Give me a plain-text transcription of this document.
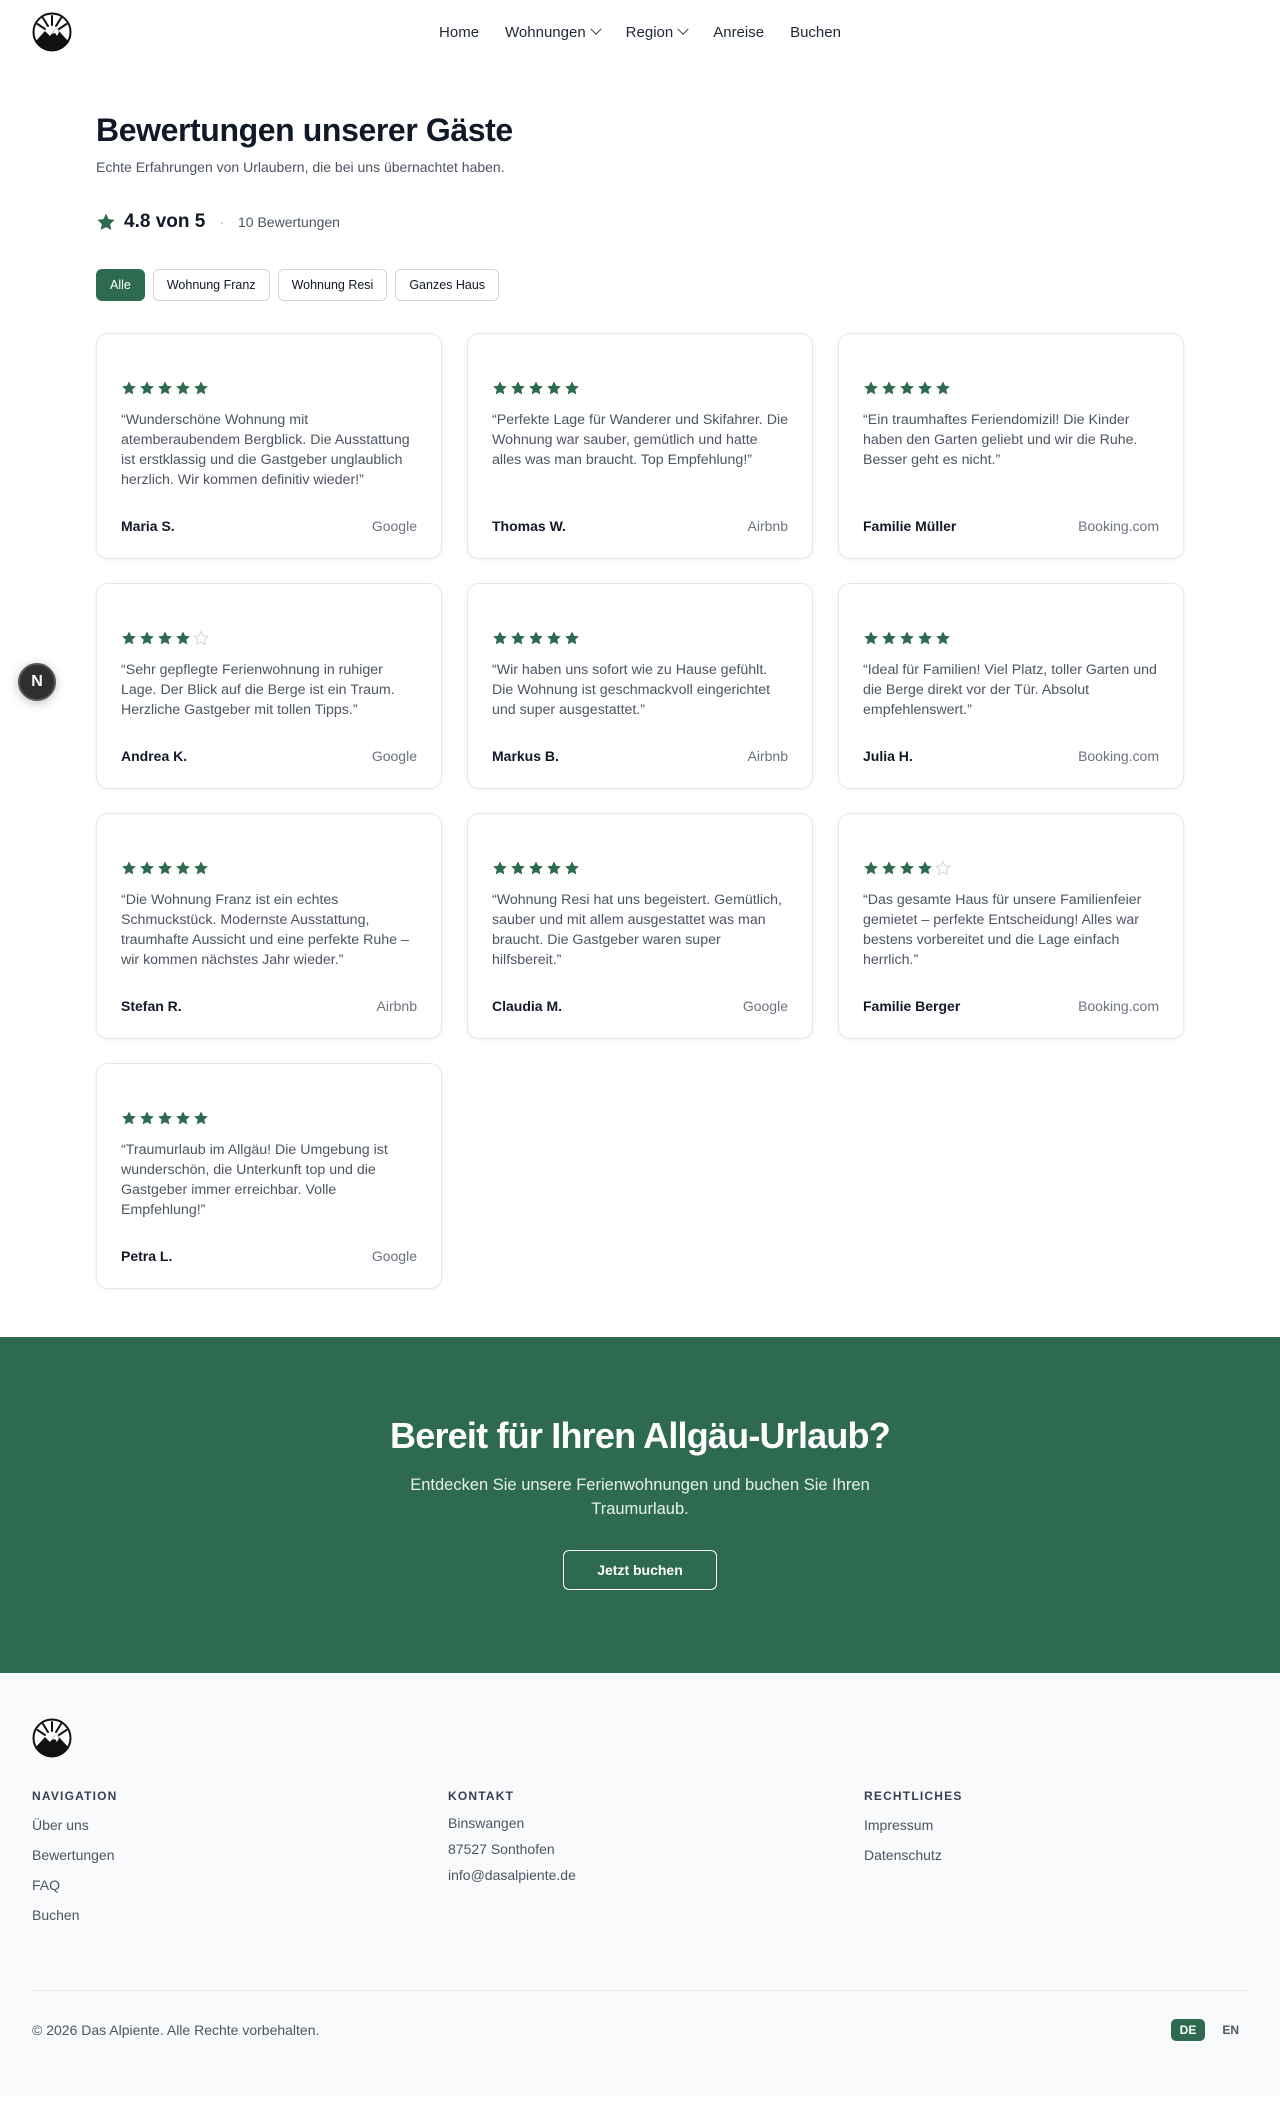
Home Wohnungen	Region	Anreise Buchen
N
Bewertungen unserer Gäste

Echte Erfahrungen von Urlaubern, die bei uns übernachtet haben.

4.8 von 5 · 10 Bewertungen
Alle	Wohnung Franz	Wohnung Resi	Ganzes Haus

“Wunderschöne Wohnung mit atemberaubendem Bergblick. Die Ausstattung ist erstklassig und die Gastgeber unglaublich herzlich. Wir kommen definitiv wieder!”

Maria S.	Google

“Perfekte Lage für Wanderer und Skifahrer. Die Wohnung war sauber, gemütlich und hatte alles was man braucht. Top Empfehlung!”

Thomas W.	Airbnb

“Ein traumhaftes Feriendomizil! Die Kinder haben den Garten geliebt und wir die Ruhe. Besser geht es nicht.”

Familie Müller	Booking.com

“Sehr gepflegte Ferienwohnung in ruhiger Lage. Der Blick auf die Berge ist ein Traum. Herzliche Gastgeber mit tollen Tipps.”

Andrea K.	Google

“Wir haben uns sofort wie zu Hause gefühlt. Die Wohnung ist geschmackvoll eingerichtet und super ausgestattet.”

Markus B.	Airbnb

“Ideal für Familien! Viel Platz, toller Garten und die Berge direkt vor der Tür. Absolut empfehlenswert.”

Julia H.	Booking.com

“Die Wohnung Franz ist ein echtes Schmuckstück. Modernste Ausstattung, traumhafte Aussicht und eine perfekte Ruhe – wir kommen nächstes Jahr wieder.”

Stefan R.	Airbnb

“Wohnung Resi hat uns begeistert. Gemütlich, sauber und mit allem ausgestattet was man braucht. Die Gastgeber waren super hilfsbereit.”

Claudia M.	Google

“Das gesamte Haus für unsere Familienfeier gemietet – perfekte Entscheidung! Alles war bestens vorbereitet und die Lage einfach herrlich.”

Familie Berger	Booking.com

“Traumurlaub im Allgäu! Die Umgebung ist wunderschön, die Unterkunft top und die Gastgeber immer erreichbar. Volle Empfehlung!”

Petra L.	Google
Bereit für Ihren Allgäu-Urlaub?

Entdecken Sie unsere Ferienwohnungen und buchen Sie Ihren Traumurlaub.

Jetzt buchen
NAVIGATION
Über uns
Bewertungen
FAQ
Buchen
KONTAKT
Binswangen
87527 Sonthofen
info@dasalpiente.de
RECHTLICHES
Impressum
Datenschutz
© 2026 Das Alpiente. Alle Rechte vorbehalten.	DE	EN
